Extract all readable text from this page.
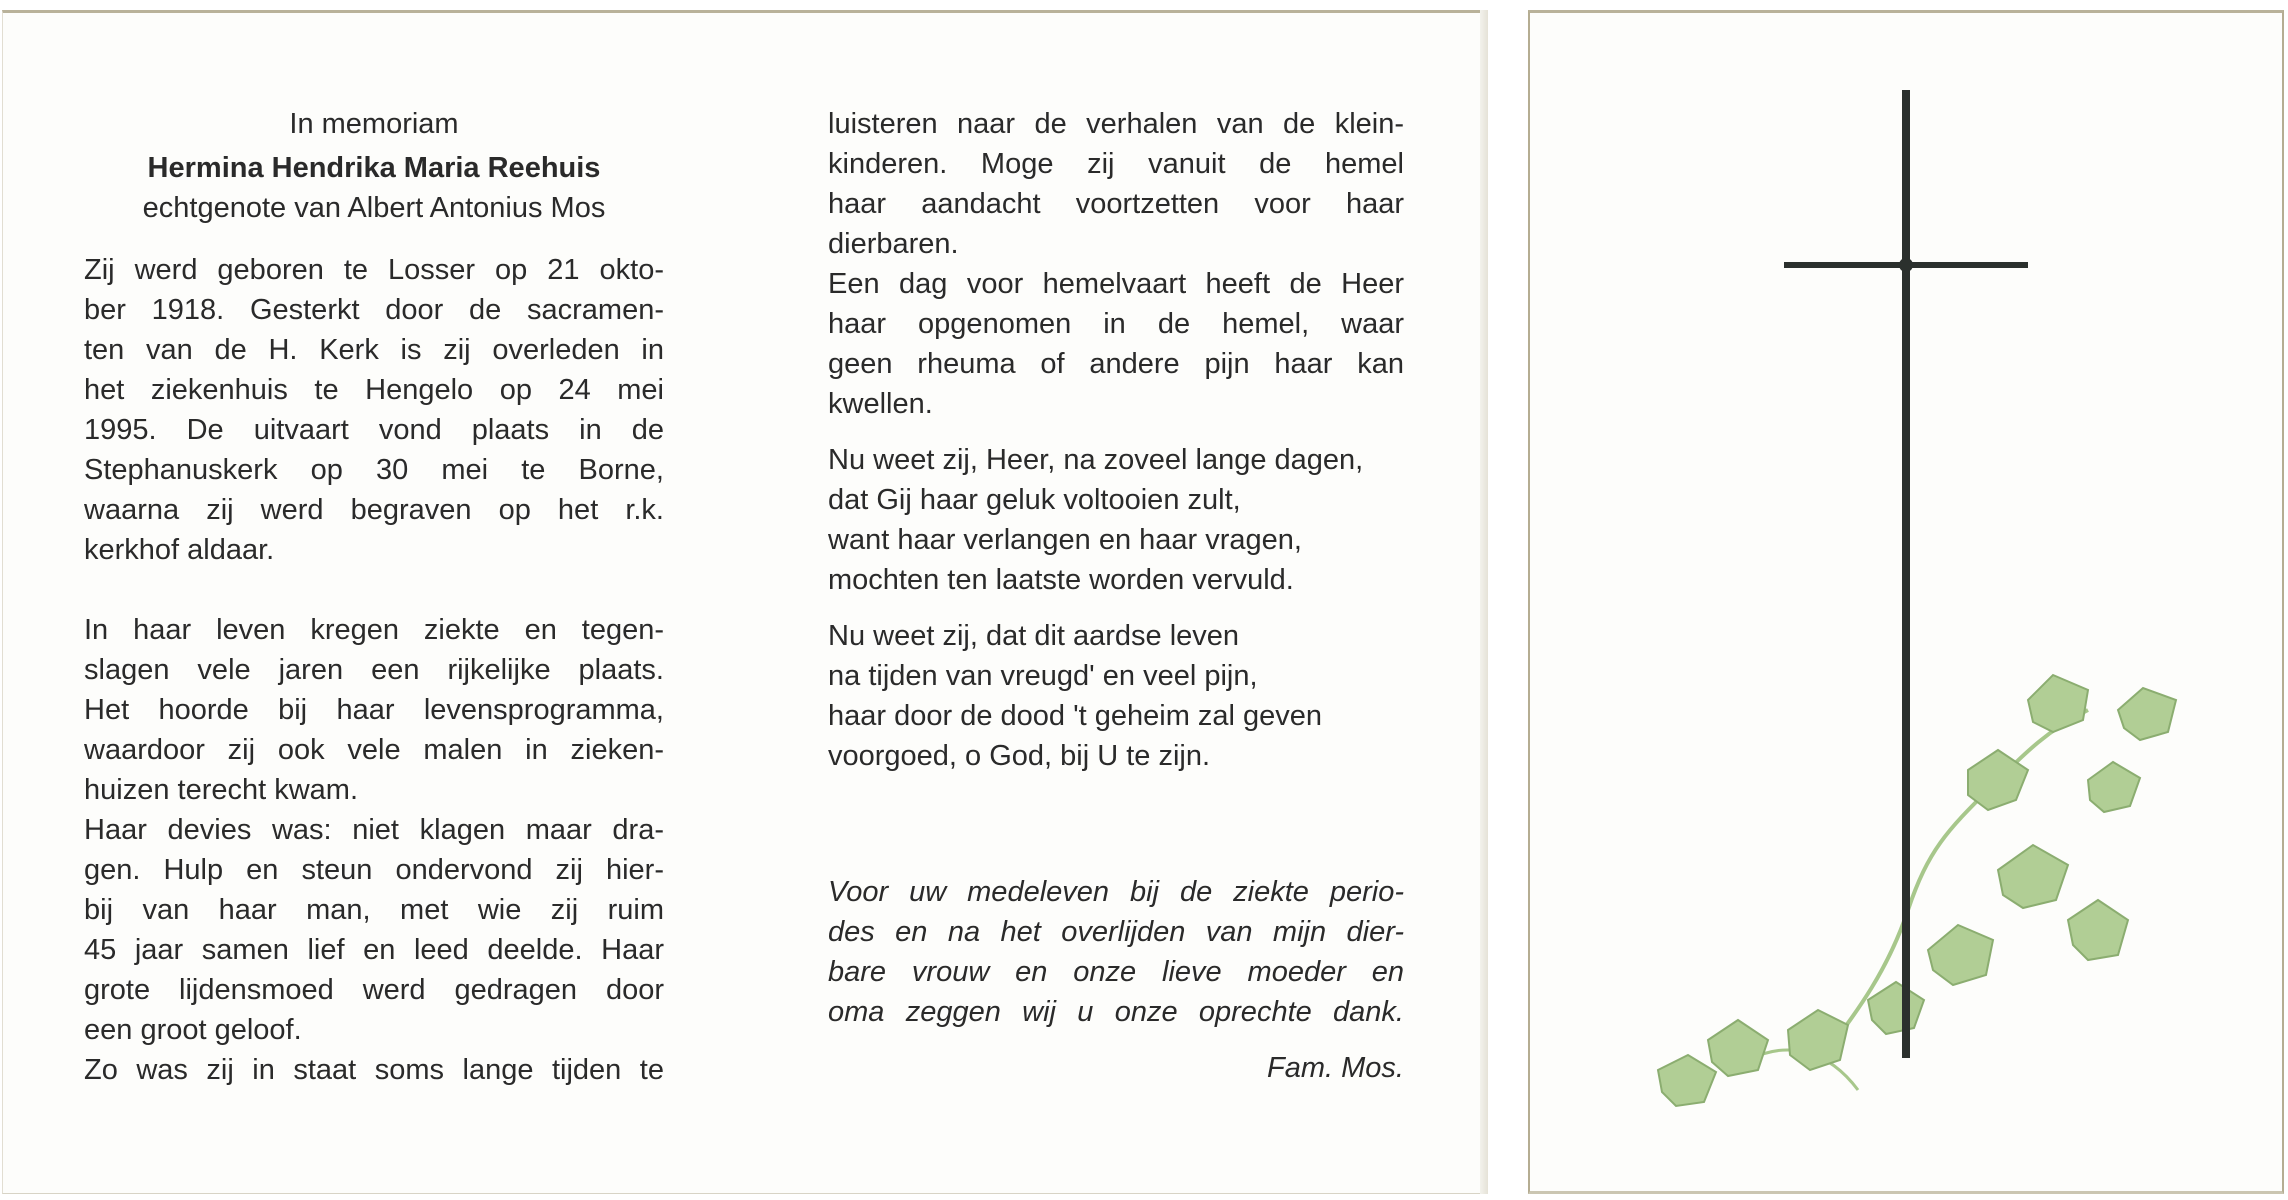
In memoriam

Hermina Hendrika Maria Reehuis

echtgenote van Albert Antonius Mos

Zij werd geboren te Losser op 21 okto-

ber 1918. Gesterkt door de sacramen-

ten van de H. Kerk is zij overleden in

het ziekenhuis te Hengelo op 24 mei

1995. De uitvaart vond plaats in de

Stephanuskerk op 30 mei te Borne,

waarna zij werd begraven op het r.k.

kerkhof aldaar.

In haar leven kregen ziekte en tegen-

slagen vele jaren een rijkelijke plaats.

Het hoorde bij haar levensprogramma,

waardoor zij ook vele malen in zieken-

huizen terecht kwam.

Haar devies was: niet klagen maar dra-

gen. Hulp en steun ondervond zij hier-

bij van haar man, met wie zij ruim

45 jaar samen lief en leed deelde. Haar

grote lijdensmoed werd gedragen door

een groot geloof.

Zo was zij in staat soms lange tijden te

luisteren naar de verhalen van de klein-

kinderen. Moge zij vanuit de hemel

haar aandacht voortzetten voor haar

dierbaren.

Een dag voor hemelvaart heeft de Heer

haar opgenomen in de hemel, waar

geen rheuma of andere pijn haar kan

kwellen.

Nu weet zij, Heer, na zoveel lange dagen,

dat Gij haar geluk voltooien zult,

want haar verlangen en haar vragen,

mochten ten laatste worden vervuld.

Nu weet zij, dat dit aardse leven

na tijden van vreugd' en veel pijn,

haar door de dood 't geheim zal geven

voorgoed, o God, bij U te zijn.

Voor uw medeleven bij de ziekte perio-

des en na het overlijden van mijn dier-

bare vrouw en onze lieve moeder en

oma zeggen wij u onze oprechte dank.

Fam. Mos.
